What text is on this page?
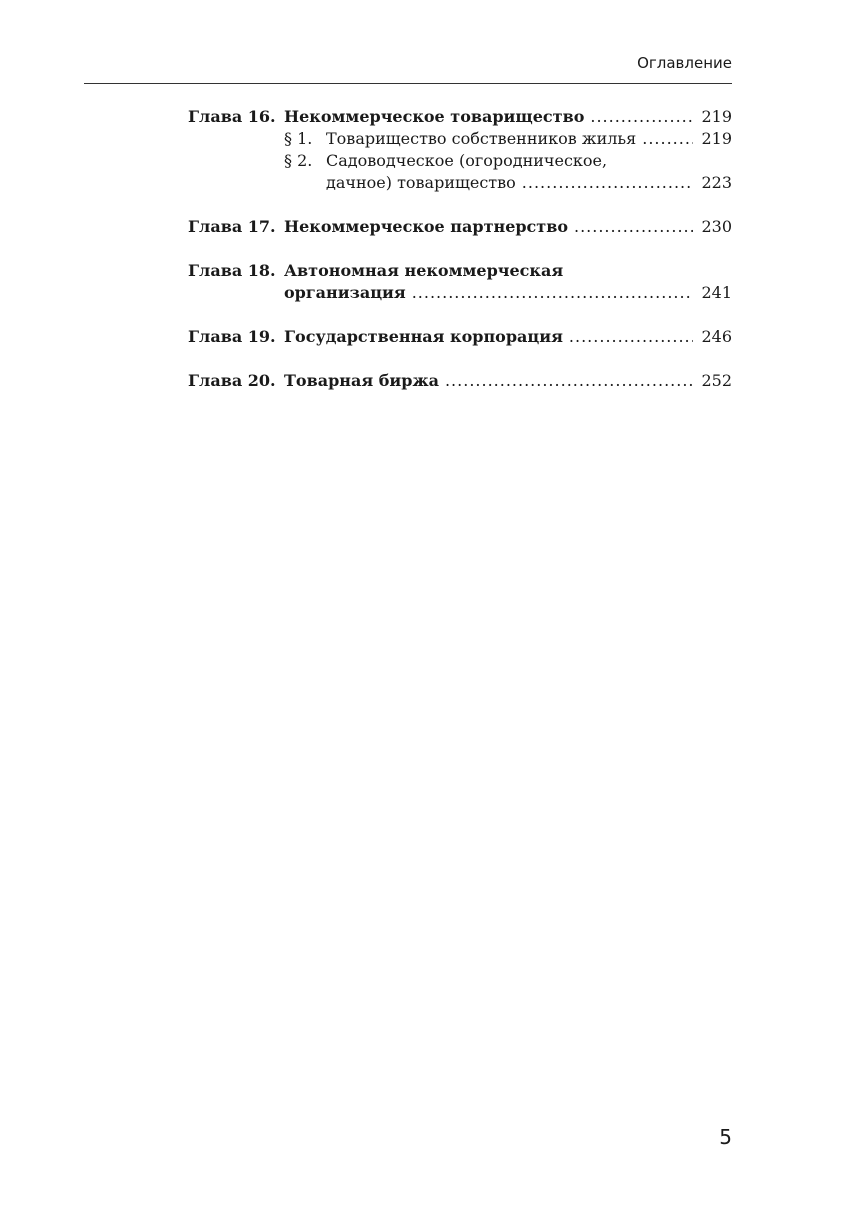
Оглавление
Глава 16. Некоммерческое товарищество .....	219
§ 1. Товарищество собственников жилья .....	219
§ 2. Садоводческое (огородническое,
дачное) товарищество .....	223
Глава 17. Некоммерческое партнерство .....	230
Глава 18. Автономная некоммерческая
организация .....	241
Глава 19. Государственная корпорация .....	246
Глава 20. Товарная биржа .....	252
5
